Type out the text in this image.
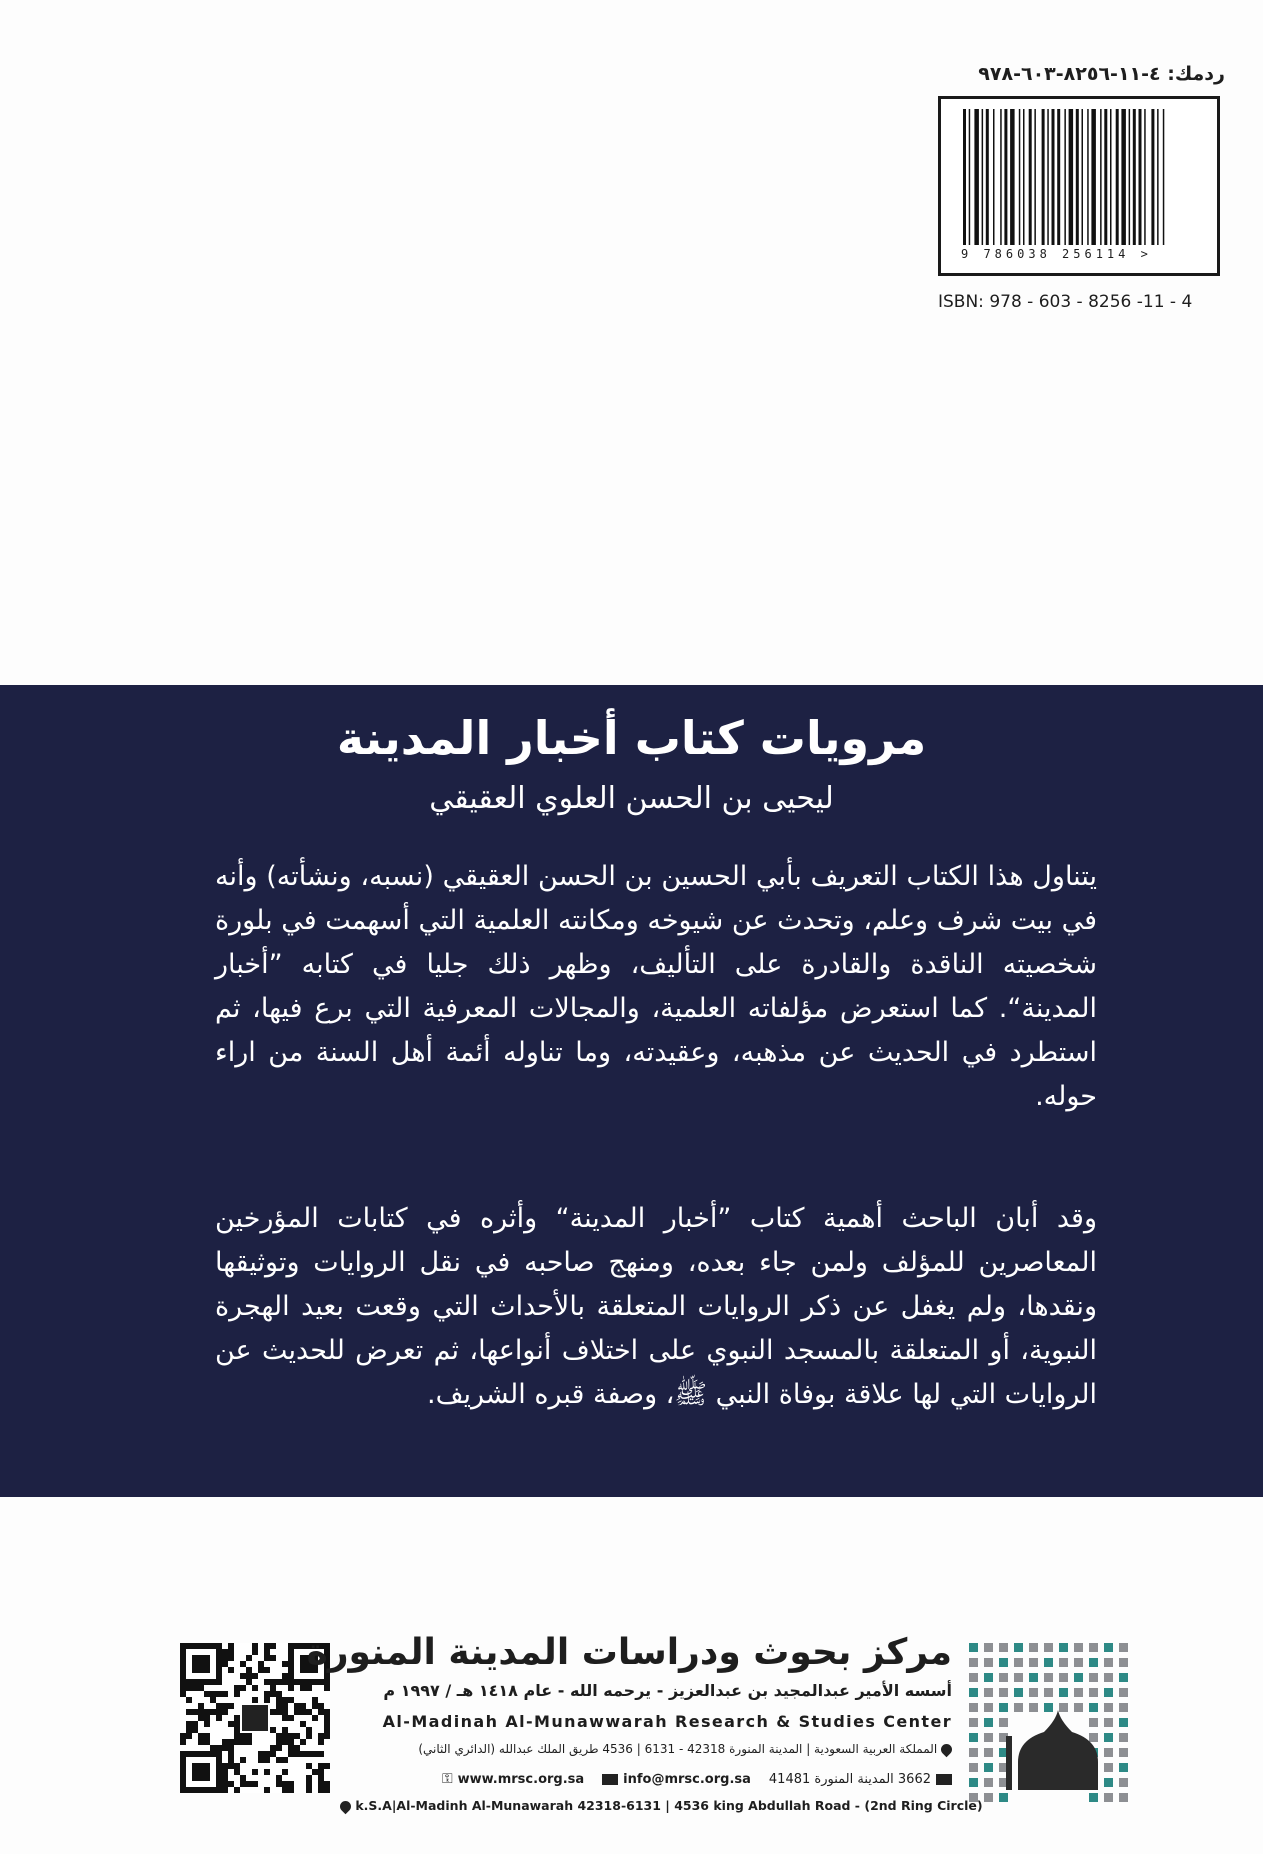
ردمك: ٤-١١-٨٢٥٦-٦٠٣-٩٧٨
9 786038 256114 >
ISBN: 978 - 603 - 8256 -11 - 4
مرويات كتاب أخبار المدينة
ليحيى بن الحسن العلوي العقيقي
يتناول هذا الكتاب التعريف بأبي الحسين بن الحسن العقيقي (نسبه، ونشأته) وأنه في بيت شرف وعلم، وتحدث عن شيوخه ومكانته العلمية التي أسهمت في بلورة شخصيته الناقدة والقادرة على التأليف، وظهر ذلك جليا في كتابه ”أخبار المدينة“. كما استعرض مؤلفاته العلمية، والمجالات المعرفية التي برع فيها، ثم استطرد في الحديث عن مذهبه، وعقيدته، وما تناوله أئمة أهل السنة من اراء حوله.
وقد أبان الباحث أهمية كتاب ”أخبار المدينة“ وأثره في كتابات المؤرخين المعاصرين للمؤلف ولمن جاء بعده، ومنهج صاحبه في نقل الروايات وتوثيقها ونقدها، ولم يغفل عن ذكر الروايات المتعلقة بالأحداث التي وقعت بعيد الهجرة النبوية، أو المتعلقة بالمسجد النبوي على اختلاف أنواعها، ثم تعرض للحديث عن الروايات التي لها علاقة بوفاة النبي ﷺ، وصفة قبره الشريف.
مركز بحوث ودراسات المدينة المنورة
أسسه الأمير عبدالمجيد بن عبدالعزيز - يرحمه الله - عام ١٤١٨ هـ / ١٩٩٧ م
Al-Madinah Al-Munawwarah Research & Studies Center
المملكة العربية السعودية | المدينة المنورة 42318 - 6131 | 4536 طريق الملك عبدالله (الدائري الثاني)
⚿ www.mrsc.org.sa	info@mrsc.org.sa 3662 المدينة المنورة 41481
k.S.A|Al-Madinh Al-Munawarah 42318-6131 | 4536 king Abdullah Road - (2nd Ring Circle)
